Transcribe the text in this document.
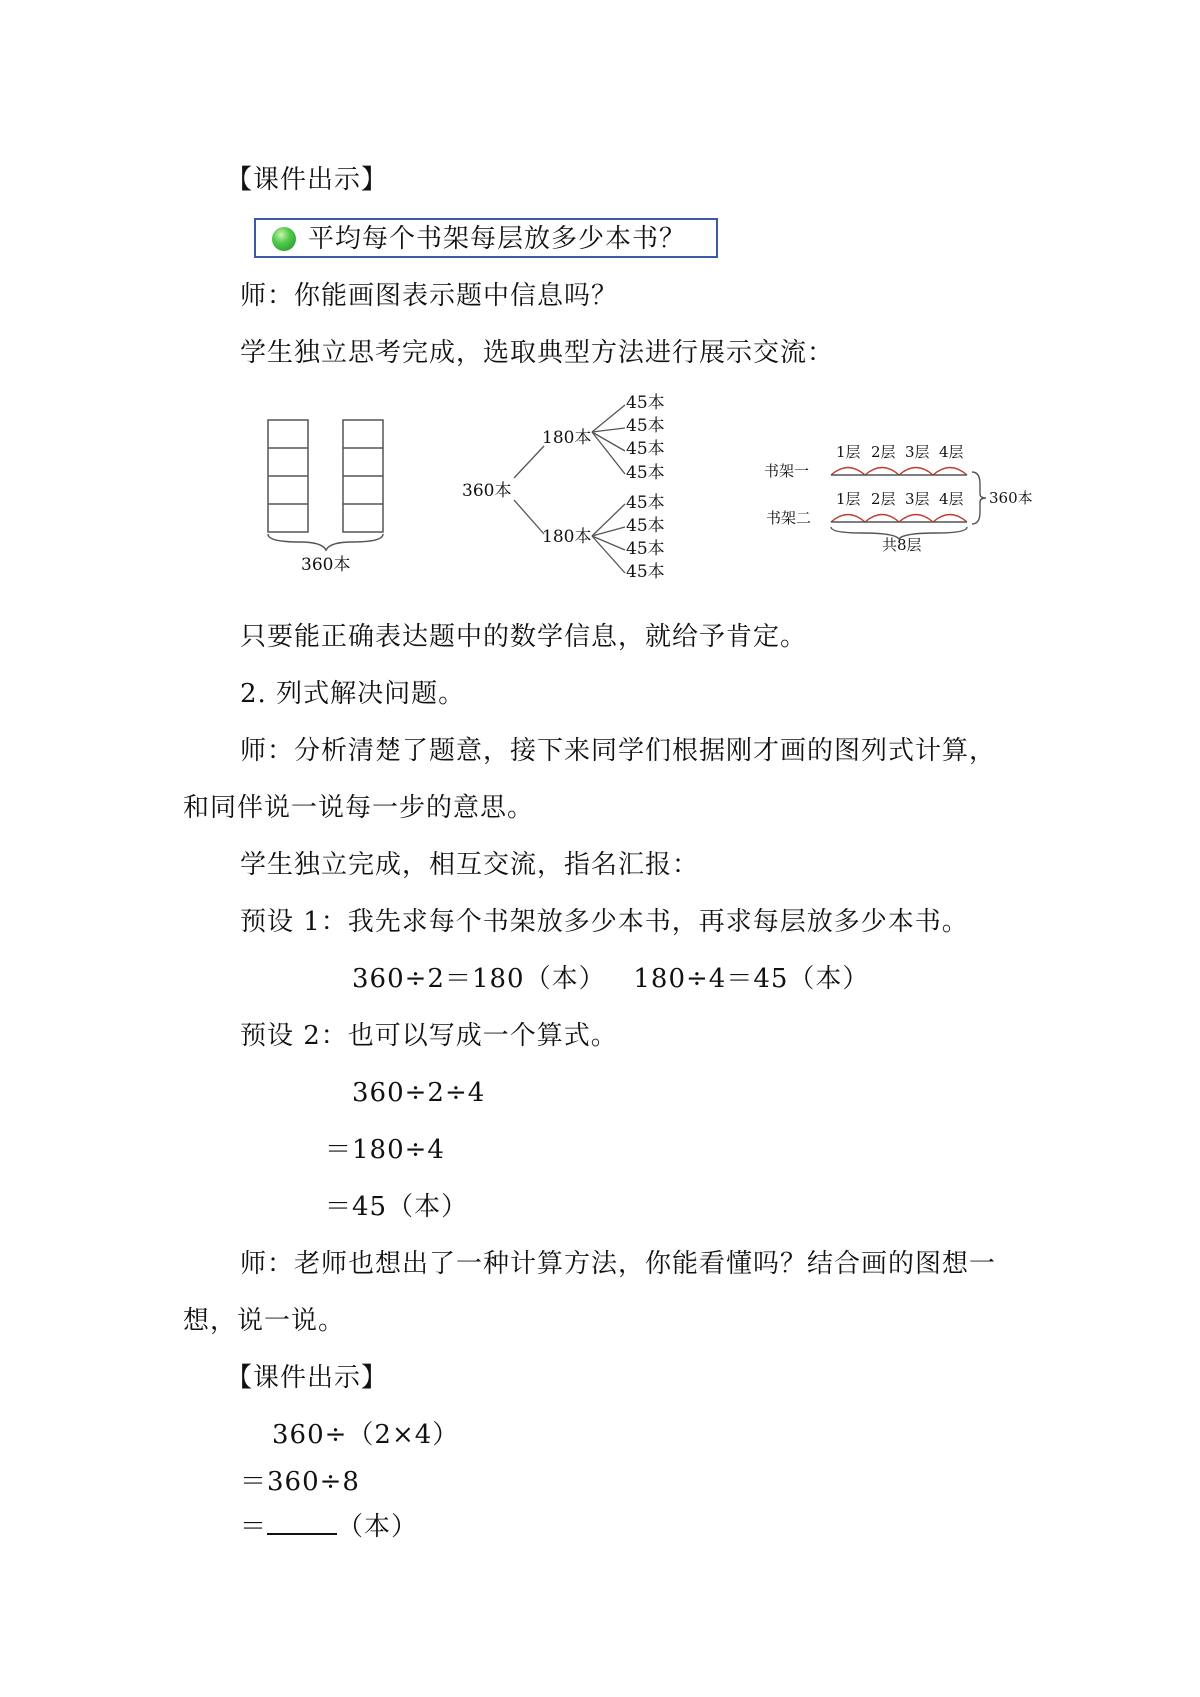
【课件出示】
平均每个书架每层放多少本书？
师：你能画图表示题中信息吗？
学生独立思考完成，选取典型方法进行展示交流：
360本
360本
180本
180本
45本
45本
45本
45本
45本
45本
45本
45本
书架一
书架二
1层 2层 3层 4层
1层 2层 3层 4层 360本
共8层
只要能正确表达题中的数学信息，就给予肯定。
2. 列式解决问题。
师：分析清楚了题意，接下来同学们根据刚才画的图列式计算，
和同伴说一说每一步的意思。
学生独立完成，相互交流，指名汇报：
预设 1：我先求每个书架放多少本书，再求每层放多少本书。
360÷2＝180（本）   180÷4＝45（本）
预设 2：也可以写成一个算式。
360÷2÷4
＝180÷4
＝45（本）
师：老师也想出了一种计算方法，你能看懂吗？结合画的图想一
想，说一说。
【课件出示】
360÷（2×4）
＝360÷8
＝	（本）
